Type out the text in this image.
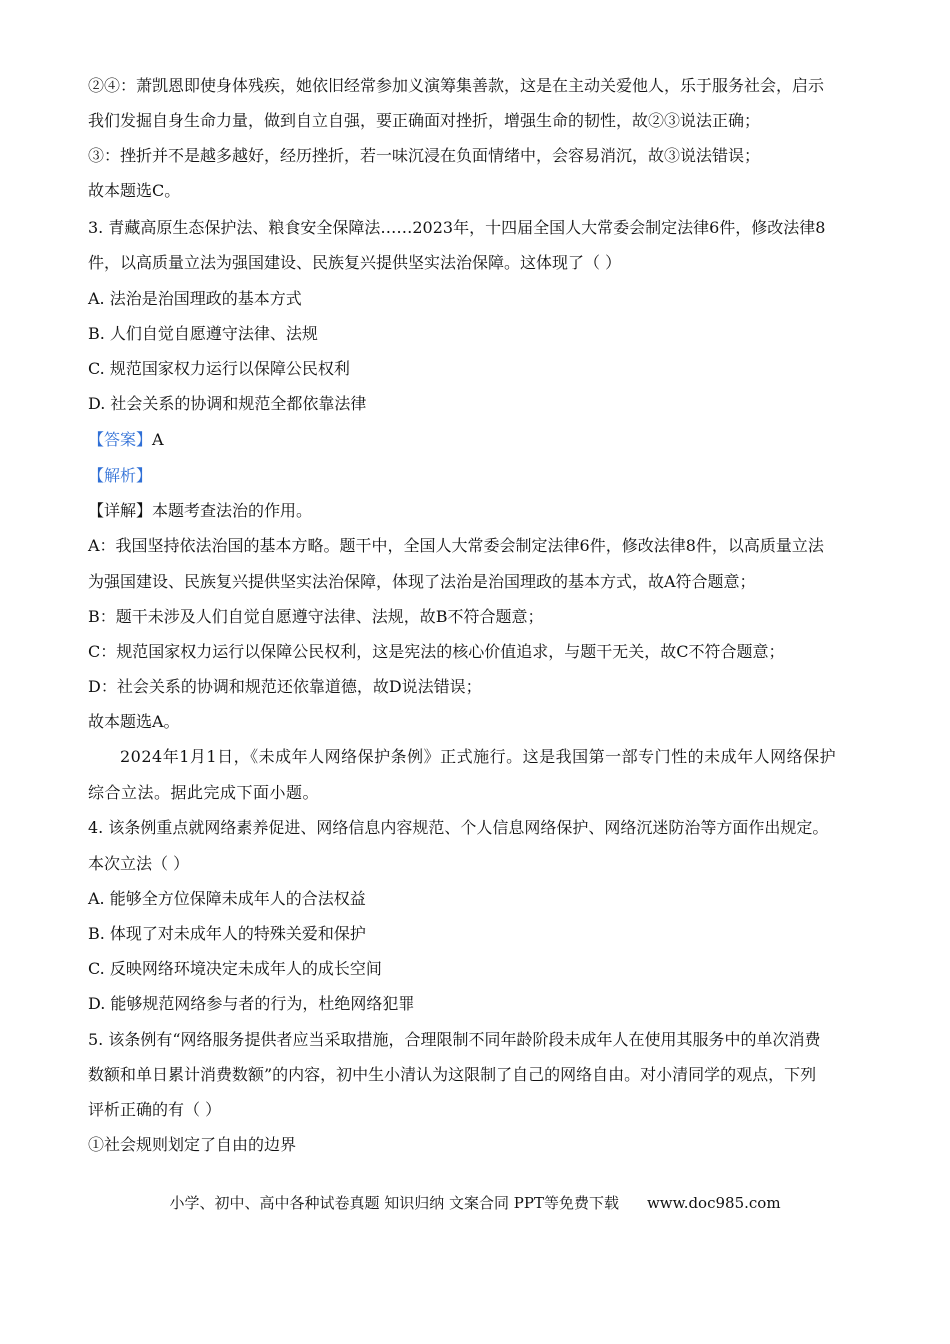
②④：萧凯恩即使身体残疾，她依旧经常参加义演筹集善款，这是在主动关爱他人，乐于服务社会，启示
我们发掘自身生命力量，做到自立自强，要正确面对挫折，增强生命的韧性，故②③说法正确；
③：挫折并不是越多越好，经历挫折，若一味沉浸在负面情绪中，会容易消沉，故③说法错误；
故本题选C。
3. 青藏高原生态保护法、粮食安全保障法……2023年，十四届全国人大常委会制定法律6件，修改法律8
件，以高质量立法为强国建设、民族复兴提供坚实法治保障。这体现了（ ）
A. 法治是治国理政的基本方式
B. 人们自觉自愿遵守法律、法规
C. 规范国家权力运行以保障公民权利
D. 社会关系的协调和规范全都依靠法律
【答案】A
【解析】
【详解】本题考查法治的作用。
A：我国坚持依法治国的基本方略。题干中，全国人大常委会制定法律6件，修改法律8件，以高质量立法
为强国建设、民族复兴提供坚实法治保障，体现了法治是治国理政的基本方式，故A符合题意；
B：题干未涉及人们自觉自愿遵守法律、法规，故B不符合题意；
C：规范国家权力运行以保障公民权利，这是宪法的核心价值追求，与题干无关，故C不符合题意；
D：社会关系的协调和规范还依靠道德，故D说法错误；
故本题选A。
2024年1月1日，《未成年人网络保护条例》正式施行。这是我国第一部专门性的未成年人网络保护
综合立法。据此完成下面小题。
4. 该条例重点就网络素养促进、网络信息内容规范、个人信息网络保护、网络沉迷防治等方面作出规定。
本次立法（ ）
A. 能够全方位保障未成年人的合法权益
B. 体现了对未成年人的特殊关爱和保护
C. 反映网络环境决定未成年人的成长空间
D. 能够规范网络参与者的行为，杜绝网络犯罪
5. 该条例有“网络服务提供者应当采取措施，合理限制不同年龄阶段未成年人在使用其服务中的单次消费
数额和单日累计消费数额”的内容，初中生小清认为这限制了自己的网络自由。对小清同学的观点，下列
评析正确的有（ ）
①社会规则划定了自由的边界
小学、初中、高中各种试卷真题 知识归纳 文案合同 PPT等免费下载 www.doc985.com
